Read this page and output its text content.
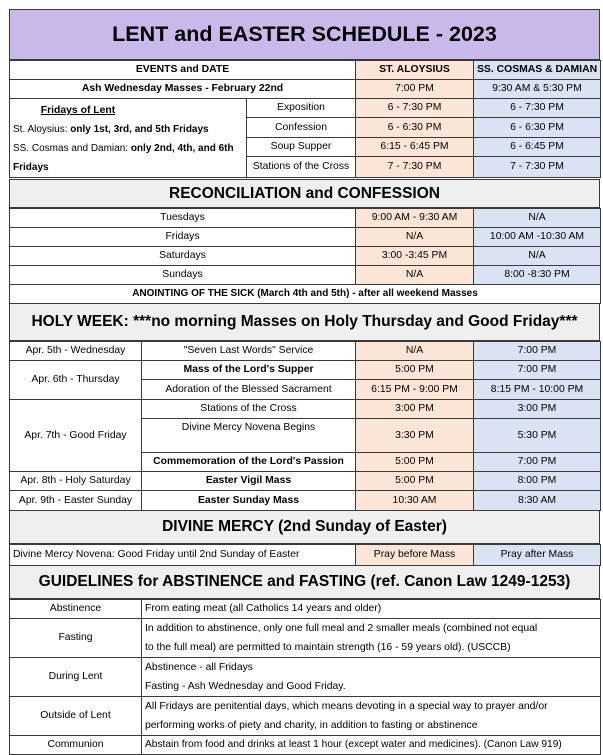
LENT and EASTER SCHEDULE - 2023
EVENTS and DATE		ST. ALOYSIUS	SS. COSMAS & DAMIAN
Ash Wednesday Masses - February 22nd		7:00 PM	9:30 AM & 5:30 PM

Fridays of Lent
St. Aloysius: only 1st, 3rd, and 5th Fridays
SS. Cosmas and Damian: only 2nd, 4th, and 6th
Fridays	Exposition	6 - 7:30 PM	6 - 7:30 PM
	Confession	6 - 6:30 PM	6 - 6:30 PM
	Soup Supper	6:15 - 6:45 PM	6 - 6:45 PM
	Stations of the Cross	7 - 7:30 PM	7 - 7:30 PM
RECONCILIATION and CONFESSION
Tuesdays	9:00 AM - 9:30 AM	N/A
Fridays	N/A	10:00 AM -10:30 AM
Saturdays	3:00 -3:45 PM	N/A
Sundays	N/A	8:00 -8:30 PM
ANOINTING OF THE SICK (March 4th and 5th) - after all weekend Masses		
HOLY WEEK: ***no morning Masses on Holy Thursday and Good Friday***
Apr. 5th - Wednesday	"Seven Last Words" Service	N/A	7:00 PM
Apr. 6th - Thursday	Mass of the Lord's Supper	5:00 PM	7:00 PM
	Adoration of the Blessed Sacrament	6:15 PM - 9:00 PM	8:15 PM - 10:00 PM
Apr. 7th - Good Friday	Stations of the Cross	3:00 PM	3:00 PM
	Divine Mercy Novena Begins	3:30 PM	5:30 PM
	Commemoration of the Lord's Passion	5:00 PM	7:00 PM
Apr. 8th - Holy Saturday	Easter Vigil Mass	5:00 PM	8:00 PM
Apr. 9th - Easter Sunday	Easter Sunday Mass	10:30 AM	8:30 AM
DIVINE MERCY (2nd Sunday of Easter)
Divine Mercy Novena: Good Friday until 2nd Sunday of Easter	Pray before Mass	Pray after Mass
GUIDELINES for ABSTINENCE and FASTING (ref. Canon Law 1249-1253)
Abstinence	From eating meat (all Catholics 14 years and older)
Fasting	In addition to abstinence, only one full meal and 2 smaller meals (combined not equal
to the full meal) are permitted to maintain strength (16 - 59 years old). (USCCB)

During Lent	Abstinence - all Fridays
Fasting - Ash Wednesday and Good Friday.

Outside of Lent	All Fridays are penitential days, which means devoting in a special way to prayer and/or
performing works of piety and charity, in addition to fasting or abstinence

Communion	Abstain from food and drinks at least 1 hour (except water and medicines). (Canon Law 919)
